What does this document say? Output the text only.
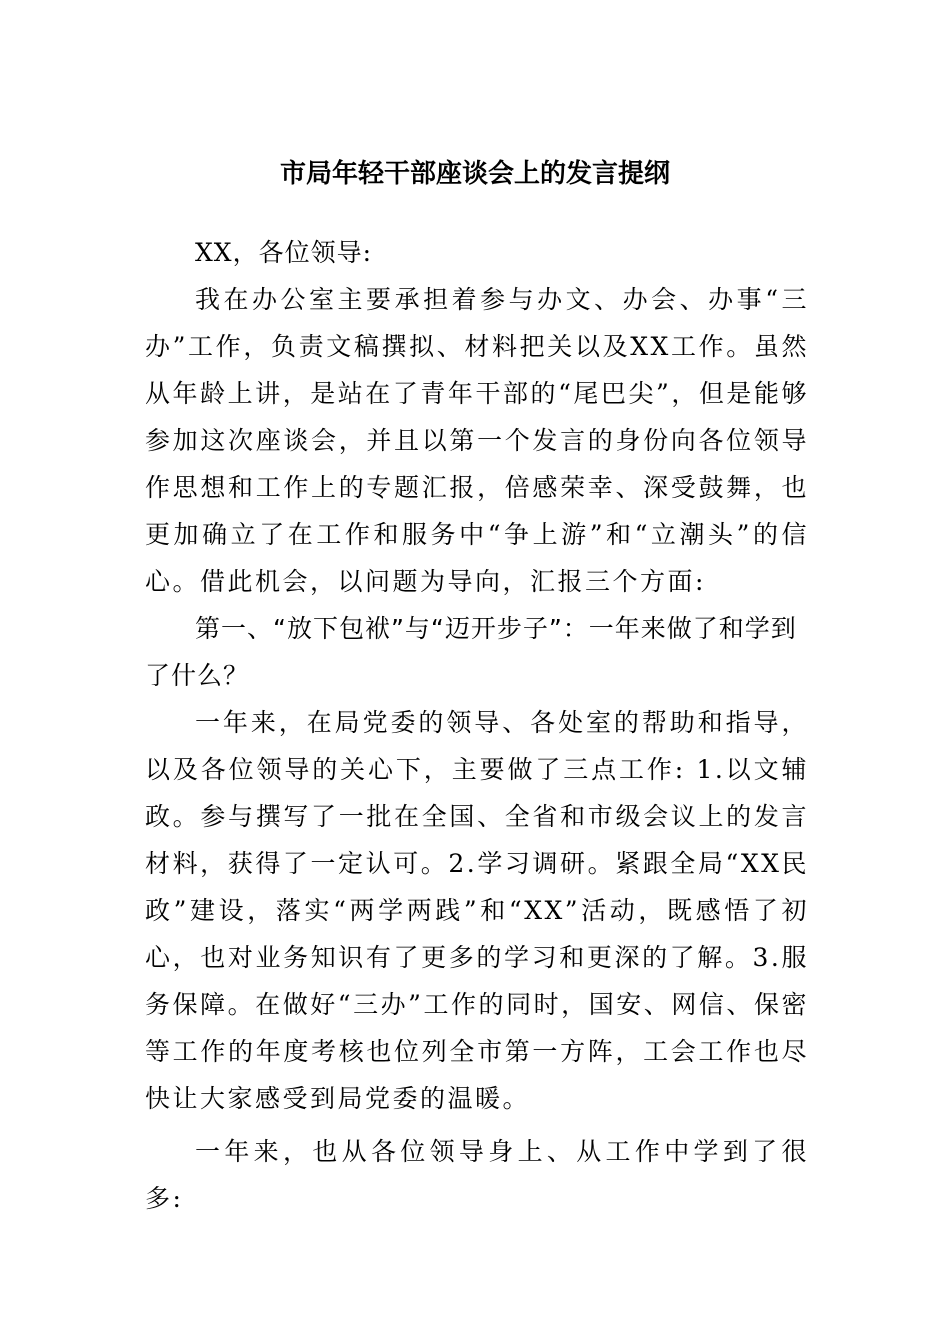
市局年轻干部座谈会上的发言提纲

XX，各位领导:

我在办公室主要承担着参与办文、办会、办事“三办”工作，负责文稿撰拟、材料把关以及XX工作。虽然从年龄上讲，是站在了青年干部的“尾巴尖”，但是能够参加这次座谈会，并且以第一个发言的身份向各位领导作思想和工作上的专题汇报，倍感荣幸、深受鼓舞，也更加确立了在工作和服务中“争上游”和“立潮头”的信心。借此机会，以问题为导向，汇报三个方面:

第一、“放下包袱”与“迈开步子”：一年来做了和学到了什么？

一年来，在局党委的领导、各处室的帮助和指导，以及各位领导的关心下，主要做了三点工作: 1.以文辅政。参与撰写了一批在全国、全省和市级会议上的发言材料，获得了一定认可。2.学习调研。紧跟全局“XX民政”建设，落实“两学两践”和“XX”活动，既感悟了初心，也对业务知识有了更多的学习和更深的了解。3.服务保障。在做好“三办”工作的同时，国安、网信、保密等工作的年度考核也位列全市第一方阵，工会工作也尽快让大家感受到局党委的温暖。

一年来，也从各位领导身上、从工作中学到了很多:
